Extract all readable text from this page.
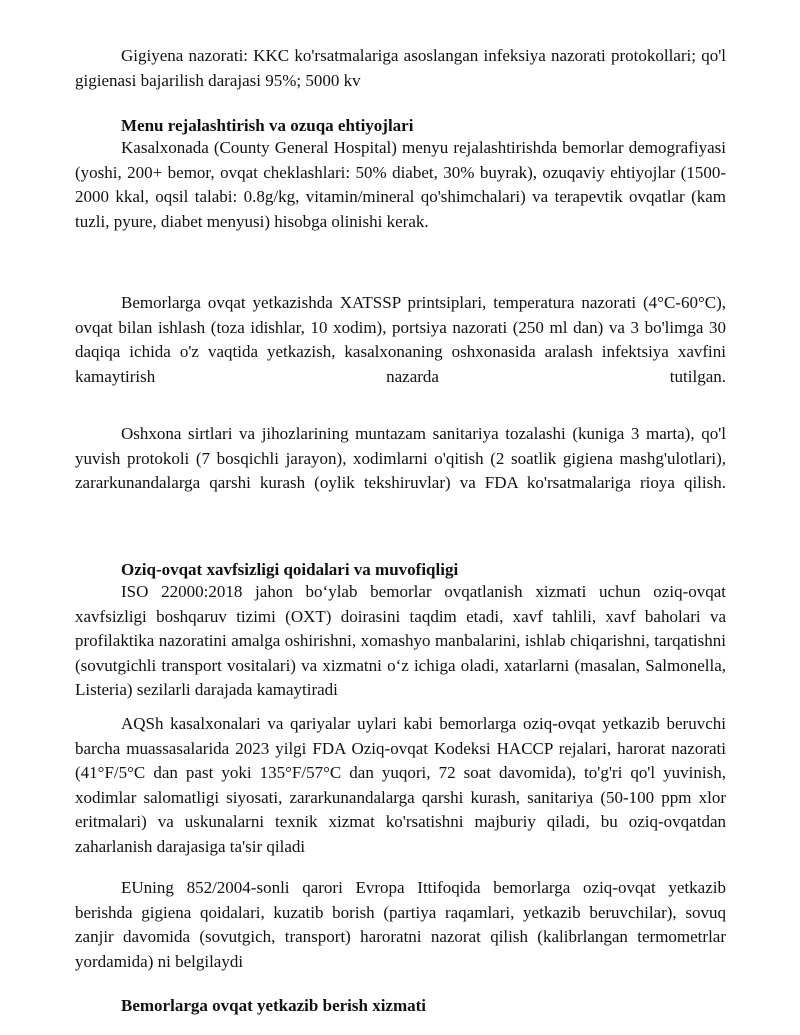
Gigiyena nazorati: KKC ko'rsatmalariga asoslangan infeksiya nazorati protokollari; qo'l gigienasi bajarilish darajasi 95%; 5000 kv

Menu rejalashtirish va ozuqa ehtiyojlari

Kasalxonada (County General Hospital) menyu rejalashtirishda bemorlar demografiyasi (yoshi, 200+ bemor, ovqat cheklashlari: 50% diabet, 30% buyrak), ozuqaviy ehtiyojlar (1500-2000 kkal, oqsil talabi: 0.8g/kg, vitamin/mineral qo'shimchalari) va terapevtik ovqatlar (kam tuzli, pyure, diabet menyusi) hisobga olinishi kerak.

Bemorlarga ovqat yetkazishda XATSSP printsiplari, temperatura nazorati (4°C-60°C), ovqat bilan ishlash (toza idishlar, 10 xodim), portsiya nazorati (250 ml dan) va 3 bo'limga 30 daqiqa ichida o'z vaqtida yetkazish, kasalxonaning oshxonasida aralash infektsiya xavfini kamaytirish nazarda tutilgan.

Oshxona sirtlari va jihozlarining muntazam sanitariya tozalashi (kuniga 3 marta), qo'l yuvish protokoli (7 bosqichli jarayon), xodimlarni o'qitish (2 soatlik gigiena mashg'ulotlari), zararkunandalarga qarshi kurash (oylik tekshiruvlar) va FDA ko'rsatmalariga rioya qilish.

Oziq-ovqat xavfsizligi qoidalari va muvofiqligi

ISO 22000:2018 jahon bo‘ylab bemorlar ovqatlanish xizmati uchun oziq-ovqat xavfsizligi boshqaruv tizimi (OXT) doirasini taqdim etadi, xavf tahlili, xavf baholari va profilaktika nazoratini amalga oshirishni, xomashyo manbalarini, ishlab chiqarishni, tarqatishni (sovutgichli transport vositalari) va xizmatni o‘z ichiga oladi, xatarlarni (masalan, Salmonella, Listeria) sezilarli darajada kamaytiradi

AQSh kasalxonalari va qariyalar uylari kabi bemorlarga oziq-ovqat yetkazib beruvchi barcha muassasalarida 2023 yilgi FDA Oziq-ovqat Kodeksi HACCP rejalari, harorat nazorati (41°F/5°C dan past yoki 135°F/57°C dan yuqori, 72 soat davomida), to'g'ri qo'l yuvinish, xodimlar salomatligi siyosati, zararkunandalarga qarshi kurash, sanitariya (50-100 ppm xlor eritmalari) va uskunalarni texnik xizmat ko'rsatishni majburiy qiladi, bu oziq-ovqatdan zaharlanish darajasiga ta'sir qiladi

EUning 852/2004-sonli qarori Evropa Ittifoqida bemorlarga oziq-ovqat yetkazib berishda gigiena qoidalari, kuzatib borish (partiya raqamlari, yetkazib beruvchilar), sovuq zanjir davomida (sovutgich, transport) haroratni nazorat qilish (kalibrlangan termometrlar yordamida) ni belgilaydi

Bemorlarga ovqat yetkazib berish xizmati
